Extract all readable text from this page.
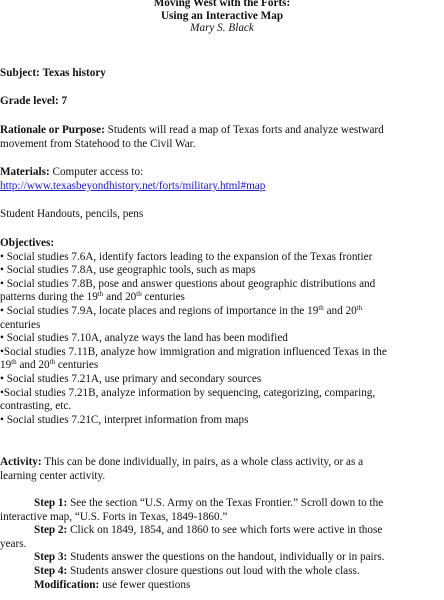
Moving West with the Forts:
Using an Interactive Map
Mary S. Black
Subject: Texas history
Grade level: 7
Rationale or Purpose: Students will read a map of Texas forts and analyze westward
movement from Statehood to the Civil War.
Materials: Computer access to:
http://www.texasbeyondhistory.net/forts/military.html#map
Student Handouts, pencils, pens
Objectives:
• Social studies 7.6A, identify factors leading to the expansion of the Texas frontier
• Social studies 7.8A, use geographic tools, such as maps
• Social studies 7.8B, pose and answer questions about geographic distributions and
patterns during the 19th and 20th centuries
• Social studies 7.9A, locate places and regions of importance in the 19th and 20th
centuries
• Social studies 7.10A, analyze ways the land has been modified
•Social studies 7.11B, analyze how immigration and migration influenced Texas in the
19th and 20th centuries
• Social studies 7.21A, use primary and secondary sources
•Social studies 7.21B, analyze information by sequencing, categorizing, comparing,
contrasting, etc.
• Social studies 7.21C, interpret information from maps
Activity: This can be done individually, in pairs, as a whole class activity, or as a
learning center activity.
Step 1: See the section “U.S. Army on the Texas Frontier.” Scroll down to the
interactive map, “U.S. Forts in Texas, 1849-1860.”
Step 2: Click on 1849, 1854, and 1860 to see which forts were active in those
years.
Step 3: Students answer the questions on the handout, individually or in pairs.
Step 4: Students answer closure questions out loud with the whole class.
Modification: use fewer questions
